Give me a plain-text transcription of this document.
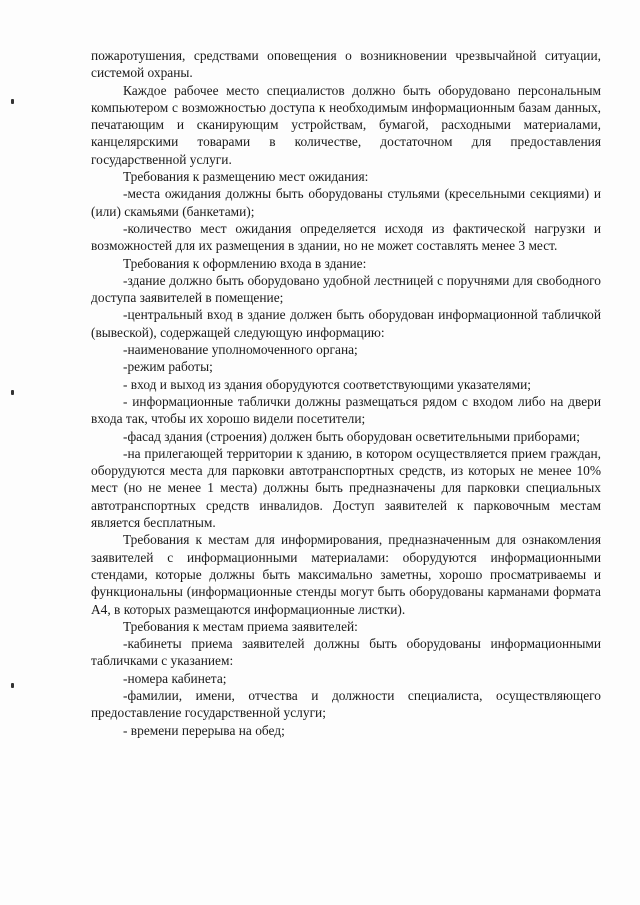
пожаротушения, средствами оповещения о возникновении чрезвычайной ситуации, системой охраны.

Каждое рабочее место специалистов должно быть оборудовано персональным компьютером с возможностью доступа к необходимым информационным базам данных, печатающим и сканирующим устройствам, бумагой, расходными материалами, канцелярскими товарами в количестве, достаточном для предоставления государственной услуги.

Требования к размещению мест ожидания:

-места ожидания должны быть оборудованы стульями (кресельными секциями) и (или) скамьями (банкетами);

-количество мест ожидания определяется исходя из фактической нагрузки и возможностей для их размещения в здании, но не может составлять менее 3 мест.

Требования к оформлению входа в здание:

-здание должно быть оборудовано удобной лестницей с поручнями для свободного доступа заявителей в помещение;

-центральный вход в здание должен быть оборудован информационной табличкой (вывеской), содержащей следующую информацию:

-наименование уполномоченного органа;

-режим работы;

- вход и выход из здания оборудуются соответствующими указателями;

- информационные таблички должны размещаться рядом с входом либо на двери входа так, чтобы их хорошо видели посетители;

-фасад здания (строения) должен быть оборудован осветительными приборами;

-на прилегающей территории к зданию, в котором осуществляется прием граждан, оборудуются места для парковки автотранспортных средств, из которых не менее 10% мест (но не менее 1 места) должны быть предназначены для парковки специальных автотранспортных средств инвалидов. Доступ заявителей к парковочным местам является бесплатным.

Требования к местам для информирования, предназначенным для ознакомления заявителей с информационными материалами: оборудуются информационными стендами, которые должны быть максимально заметны, хорошо просматриваемы и функциональны (информационные стенды могут быть оборудованы карманами формата А4, в которых размещаются информационные листки).

Требования к местам приема заявителей:

-кабинеты приема заявителей должны быть оборудованы информационными табличками с указанием:

-номера кабинета;

-фамилии, имени, отчества и должности специалиста, осуществляющего предоставление государственной услуги;

- времени перерыва на обед;
